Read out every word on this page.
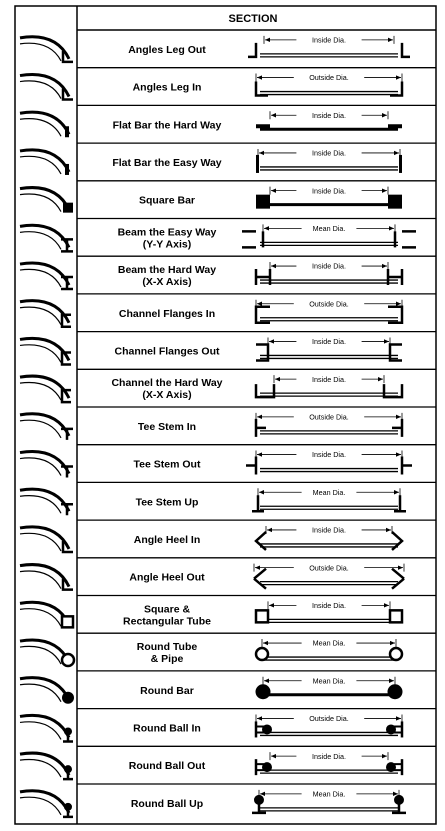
SECTION
Angles Leg Out
Inside Dia.
Angles Leg In
Outside Dia.
Flat Bar the Hard Way
Inside Dia.
Flat Bar the Easy Way
Inside Dia.
Square Bar
Inside Dia.
Beam the Easy Way
(Y-Y Axis)
Mean Dia.
Beam the Hard Way
(X-X Axis)
Inside Dia.
Channel Flanges In
Outside Dia.
Channel Flanges Out
Inside Dia.
Channel the Hard Way
(X-X Axis)
Inside Dia.
Tee Stem In
Outside Dia.
Tee Stem Out
Inside Dia.
Tee Stem Up
Mean Dia.
Angle Heel In
Inside Dia.
Angle Heel Out
Outside Dia.
Square &
Rectangular Tube
Inside Dia.
Round Tube
& Pipe
Mean Dia.
Round Bar
Mean Dia.
Round Ball In
Outside Dia.
Round Ball Out
Inside Dia.
Round Ball Up
Mean Dia.
